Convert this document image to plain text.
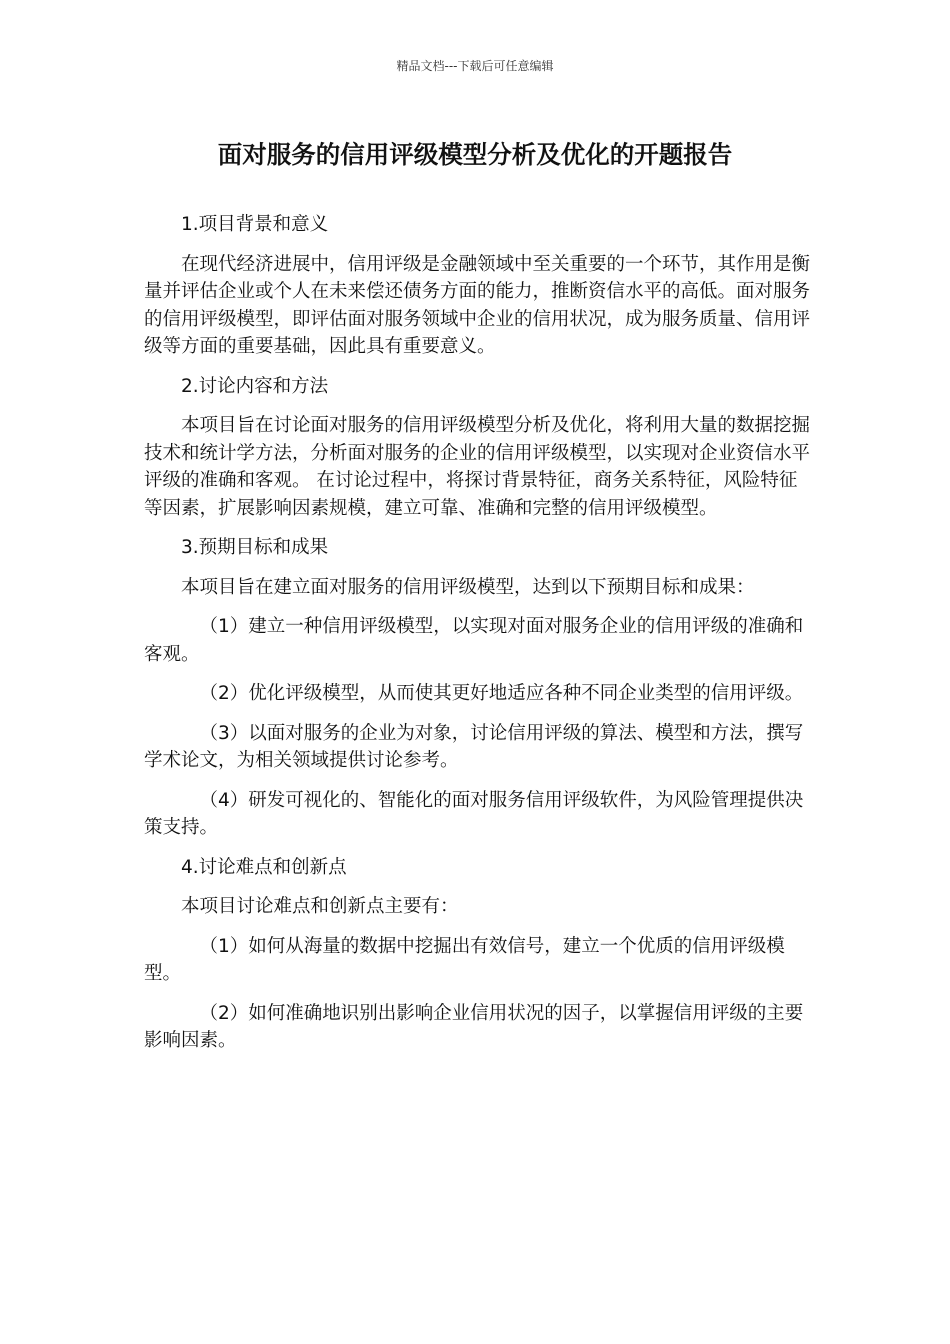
精品文档---下载后可任意编辑
面对服务的信用评级模型分析及优化的开题报告

1.项目背景和意义

在现代经济进展中，信用评级是金融领域中至关重要的一个环节，其作用是衡量并评估企业或个人在未来偿还债务方面的能力，推断资信水平的高低。面对服务的信用评级模型，即评估面对服务领域中企业的信用状况，成为服务质量、信用评级等方面的重要基础，因此具有重要意义。

2.讨论内容和方法

本项目旨在讨论面对服务的信用评级模型分析及优化，将利用大量的数据挖掘技术和统计学方法，分析面对服务的企业的信用评级模型，以实现对企业资信水平评级的准确和客观。 在讨论过程中，将探讨背景特征，商务关系特征，风险特征等因素，扩展影响因素规模，建立可靠、准确和完整的信用评级模型。

3.预期目标和成果

本项目旨在建立面对服务的信用评级模型，达到以下预期目标和成果：

（1）建立一种信用评级模型，以实现对面对服务企业的信用评级的准确和客观。

（2）优化评级模型，从而使其更好地适应各种不同企业类型的信用评级。

（3）以面对服务的企业为对象，讨论信用评级的算法、模型和方法，撰写学术论文，为相关领域提供讨论参考。

（4）研发可视化的、智能化的面对服务信用评级软件，为风险管理提供决策支持。

4.讨论难点和创新点

本项目讨论难点和创新点主要有：

（1）如何从海量的数据中挖掘出有效信号，建立一个优质的信用评级模型。

（2）如何准确地识别出影响企业信用状况的因子，以掌握信用评级的主要影响因素。
